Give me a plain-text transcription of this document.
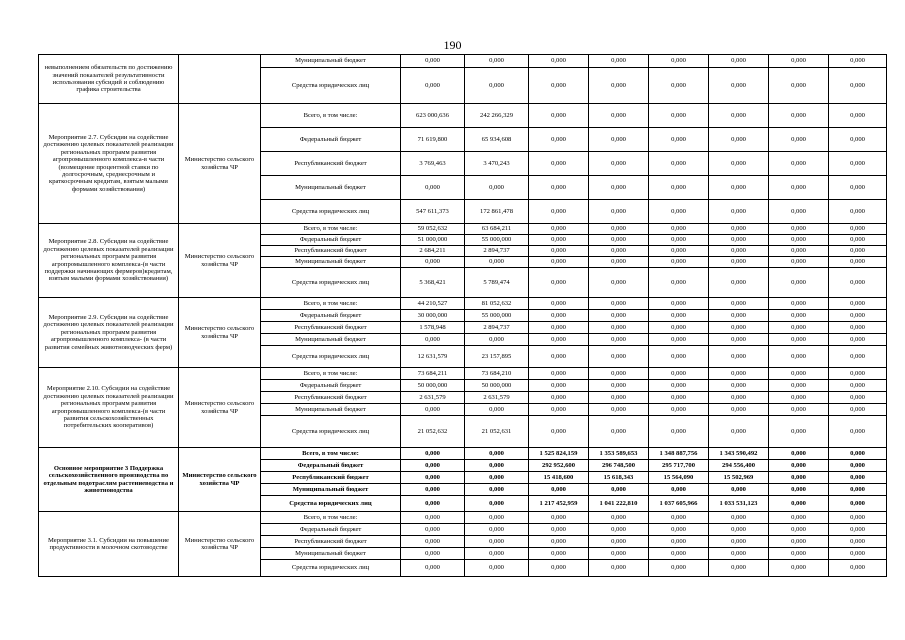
190
невыполнением обязательств по достижению значений показателей результативности использования субсидий и соблюдению графика строительства		Муниципальный бюджет	0,000	0,000	0,000	0,000	0,000	0,000	0,000	0,000
		Средства юридических лиц	0,000	0,000	0,000	0,000	0,000	0,000	0,000	0,000
Мероприятие 2.7. Субсидии на содействие достижению целевых показателей реализации региональных программ развития агропромышленного комплекса-в части (возмещение процентной ставки по долгосрочным, среднесрочным и краткосрочным кредитам, взятым малыми формами хозяйствования)	Министерство сельского хозяйства ЧР	Всего, в том числе:	623 000,636	242 266,329	0,000	0,000	0,000	0,000	0,000	0,000
		Федеральный бюджет	71 619,800	65 934,608	0,000	0,000	0,000	0,000	0,000	0,000
		Республиканский бюджет	3 769,463	3 470,243	0,000	0,000	0,000	0,000	0,000	0,000
		Муниципальный бюджет	0,000	0,000	0,000	0,000	0,000	0,000	0,000	0,000
		Средства юридических лиц	547 611,373	172 861,478	0,000	0,000	0,000	0,000	0,000	0,000
Мероприятие 2.8. Субсидии на содействие достижению целевых показателей реализации региональных программ развития агропромышленного комплекса-(в части поддержки начинающих фермеров)кредитам, взятым малыми формами хозяйствования)	Министерство сельского хозяйства ЧР	Всего, в том числе:	59 052,632	63 684,211	0,000	0,000	0,000	0,000	0,000	0,000
		Федеральный бюджет	51 000,000	55 000,000	0,000	0,000	0,000	0,000	0,000	0,000
		Республиканский бюджет	2 684,211	2 894,737	0,000	0,000	0,000	0,000	0,000	0,000
		Муниципальный бюджет	0,000	0,000	0,000	0,000	0,000	0,000	0,000	0,000
		Средства юридических лиц	5 368,421	5 789,474	0,000	0,000	0,000	0,000	0,000	0,000
Мероприятие 2.9. Субсидии на содействие достижению целевых показателей реализации региональных программ развития агропромышленного комплекса- (в части развития семейных животноводческих ферм)	Министерство сельского хозяйства ЧР	Всего, в том числе:	44 210,527	81 052,632	0,000	0,000	0,000	0,000	0,000	0,000
		Федеральный бюджет	30 000,000	55 000,000	0,000	0,000	0,000	0,000	0,000	0,000
		Республиканский бюджет	1 578,948	2 894,737	0,000	0,000	0,000	0,000	0,000	0,000
		Муниципальный бюджет	0,000	0,000	0,000	0,000	0,000	0,000	0,000	0,000
		Средства юридических лиц	12 631,579	23 157,895	0,000	0,000	0,000	0,000	0,000	0,000
Мероприятие 2.10. Субсидии на содействие достижению целевых показателей реализации региональных программ развития агропромышленного комплекса-(в части развития сельскохозяйственных потребительских кооперативов)	Министерство сельского хозяйства ЧР	Всего, в том числе:	73 684,211	73 684,210	0,000	0,000	0,000	0,000	0,000	0,000
		Федеральный бюджет	50 000,000	50 000,000	0,000	0,000	0,000	0,000	0,000	0,000
		Республиканский бюджет	2 631,579	2 631,579	0,000	0,000	0,000	0,000	0,000	0,000
		Муниципальный бюджет	0,000	0,000	0,000	0,000	0,000	0,000	0,000	0,000
		Средства юридических лиц	21 052,632	21 052,631	0,000	0,000	0,000	0,000	0,000	0,000
Основное мероприятие 3 Поддержка сельскохозяйственного производства по отдельным подотраслям растениеводства и животноводства	Министерство сельского хозяйства ЧР	Всего, в том числе:	0,000	0,000	1 525 824,159	1 353 589,653	1 348 887,756	1 343 590,492	0,000	0,000
		Федеральный бюджет	0,000	0,000	292 952,600	296 748,500	295 717,700	294 556,400	0,000	0,000
		Республиканский бюджет	0,000	0,000	15 418,600	15 618,343	15 564,090	15 502,969	0,000	0,000
		Муниципальный бюджет	0,000	0,000	0,000	0,000	0,000	0,000	0,000	0,000
		Средства юридических лиц	0,000	0,000	1 217 452,959	1 041 222,810	1 037 605,966	1 033 531,123	0,000	0,000
Мероприятие 3.1. Субсидии на повышение продуктивности в молочном скотоводстве	Министерство сельского хозяйства ЧР	Всего, в том числе:	0,000	0,000	0,000	0,000	0,000	0,000	0,000	0,000
		Федеральный бюджет	0,000	0,000	0,000	0,000	0,000	0,000	0,000	0,000
		Республиканский бюджет	0,000	0,000	0,000	0,000	0,000	0,000	0,000	0,000
		Муниципальный бюджет	0,000	0,000	0,000	0,000	0,000	0,000	0,000	0,000
		Средства юридических лиц	0,000	0,000	0,000	0,000	0,000	0,000	0,000	0,000
